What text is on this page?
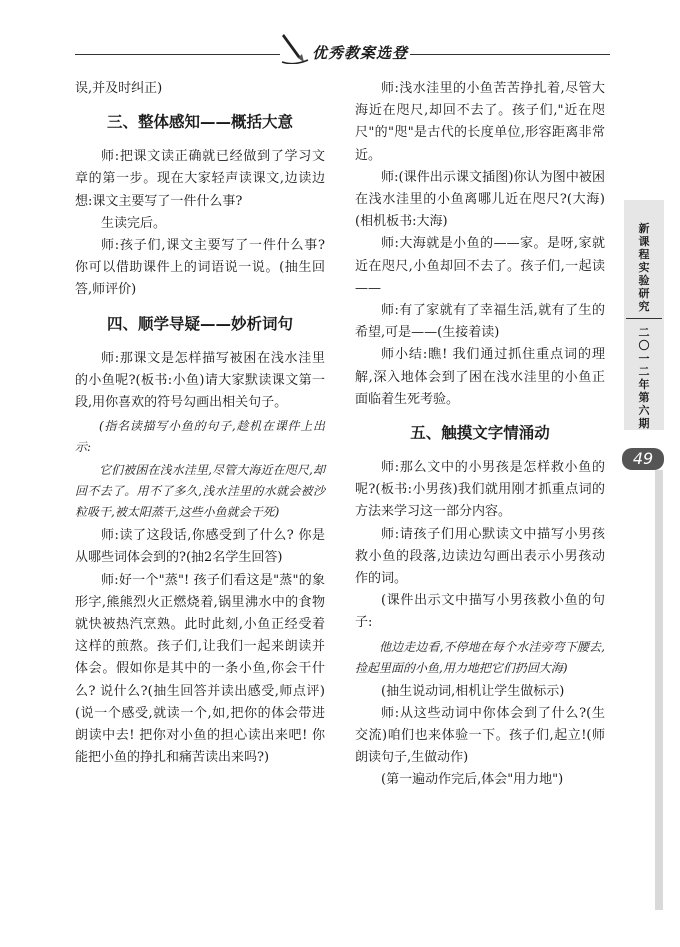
优秀教案选登

误,并及时纠正)

三、整体感知——概括大意

师:把课文读正确就已经做到了学习文章的第一步。现在大家轻声读课文,边读边想:课文主要写了一件什么事?

生读完后。

师:孩子们,课文主要写了一件什么事? 你可以借助课件上的词语说一说。(抽生回答,师评价)

四、顺学导疑——妙析词句

师:那课文是怎样描写被困在浅水洼里的小鱼呢?(板书:小鱼)请大家默读课文第一段,用你喜欢的符号勾画出相关句子。

(指名读描写小鱼的句子,趁机在课件上出示:

它们被困在浅水洼里,尽管大海近在咫尺,却回不去了。用不了多久,浅水洼里的水就会被沙粒吸干,被太阳蒸干,这些小鱼就会干死)

师:读了这段话,你感受到了什么? 你是从哪些词体会到的?(抽2名学生回答)

师:好一个"蒸"! 孩子们看这是"蒸"的象形字,熊熊烈火正燃烧着,锅里沸水中的食物就快被热汽烹熟。此时此刻,小鱼正经受着这样的煎熬。孩子们,让我们一起来朗读并体会。假如你是其中的一条小鱼,你会干什么? 说什么?(抽生回答并读出感受,师点评)(说一个感受,就读一个,如,把你的体会带进朗读中去! 把你对小鱼的担心读出来吧! 你能把小鱼的挣扎和痛苦读出来吗?)

师:浅水洼里的小鱼苦苦挣扎着,尽管大海近在咫尺,却回不去了。孩子们,"近在咫尺"的"咫"是古代的长度单位,形容距离非常近。

师:(课件出示课文插图)你认为图中被困在浅水洼里的小鱼离哪儿近在咫尺?(大海)(相机板书:大海)

师:大海就是小鱼的——家。是呀,家就近在咫尺,小鱼却回不去了。孩子们,一起读——

师:有了家就有了幸福生活,就有了生的希望,可是——(生接着读)

师小结:瞧! 我们通过抓住重点词的理解,深入地体会到了困在浅水洼里的小鱼正面临着生死考验。

五、触摸文字情涌动

师:那么文中的小男孩是怎样救小鱼的呢?(板书:小男孩)我们就用刚才抓重点词的方法来学习这一部分内容。

师:请孩子们用心默读文中描写小男孩救小鱼的段落,边读边勾画出表示小男孩动作的词。

(课件出示文中描写小男孩救小鱼的句子:

他边走边看,不停地在每个水洼旁弯下腰去,捡起里面的小鱼,用力地把它们扔回大海)

(抽生说动词,相机让学生做标示)

师:从这些动词中你体会到了什么?(生交流)咱们也来体验一下。孩子们,起立!(师朗读句子,生做动作)

(第一遍动作完后,体会"用力地")

新
课
程
实
验
研
究
二
〇
一
二
年
第
六
期
49
